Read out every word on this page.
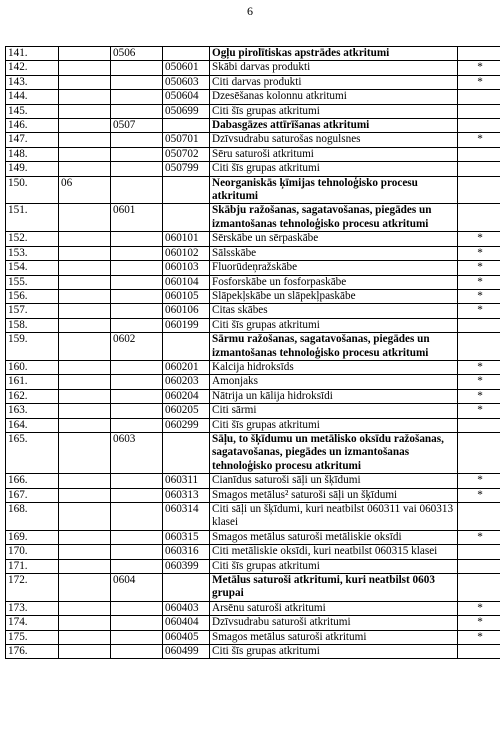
6
141.		0506		Ogļu pirolītiskas apstrādes atkritumi	
142.			050601	Skābi darvas produkti	*
143.			050603	Citi darvas produkti	*
144.			050604	Dzesēšanas kolonnu atkritumi	
145.			050699	Citi šīs grupas atkritumi	
146.		0507		Dabasgāzes attīrīšanas atkritumi	
147.			050701	Dzīvsudrabu saturošas nogulsnes	*
148.			050702	Sēru saturoši atkritumi	
149.			050799	Citi šīs grupas atkritumi	
150.	06			Neorganiskās ķīmijas tehnoloģisko procesu atkritumi	
151.		0601		Skābju ražošanas, sagatavošanas, piegādes un izmantošanas tehnoloģisko procesu atkritumi	
152.			060101	Sērskābe un sērpaskābe	*
153.			060102	Sālsskābe	*
154.			060103	Fluorūdeņražskābe	*
155.			060104	Fosforskābe un fosforpaskābe	*
156.			060105	Slāpekļskābe un slāpekļpaskābe	*
157.			060106	Citas skābes	*
158.			060199	Citi šīs grupas atkritumi	
159.		0602		Sārmu ražošanas, sagatavošanas, piegādes un izmantošanas tehnoloģisko procesu atkritumi	
160.			060201	Kalcija hidroksīds	*
161.			060203	Amonjaks	*
162.			060204	Nātrija un kālija hidroksīdi	*
163.			060205	Citi sārmi	*
164.			060299	Citi šīs grupas atkritumi	
165.		0603		Sāļu, to šķīdumu un metālisko oksīdu ražošanas, sagatavošanas, piegādes un izmantošanas tehnoloģisko procesu atkritumi	
166.			060311	Cianīdus saturoši sāļi un šķīdumi	*
167.			060313	Smagos metālus² saturoši sāļi un šķīdumi	*
168.			060314	Citi sāļi un šķīdumi, kuri neatbilst 060311 vai 060313 klasei	
169.			060315	Smagos metālus saturoši metāliskie oksīdi	*
170.			060316	Citi metāliskie oksīdi, kuri neatbilst 060315 klasei	
171.			060399	Citi šīs grupas atkritumi	
172.		0604		Metālus saturoši atkritumi, kuri neatbilst 0603 grupai	
173.			060403	Arsēnu saturoši atkritumi	*
174.			060404	Dzīvsudrabu saturoši atkritumi	*
175.			060405	Smagos metālus saturoši atkritumi	*
176.			060499	Citi šīs grupas atkritumi	
